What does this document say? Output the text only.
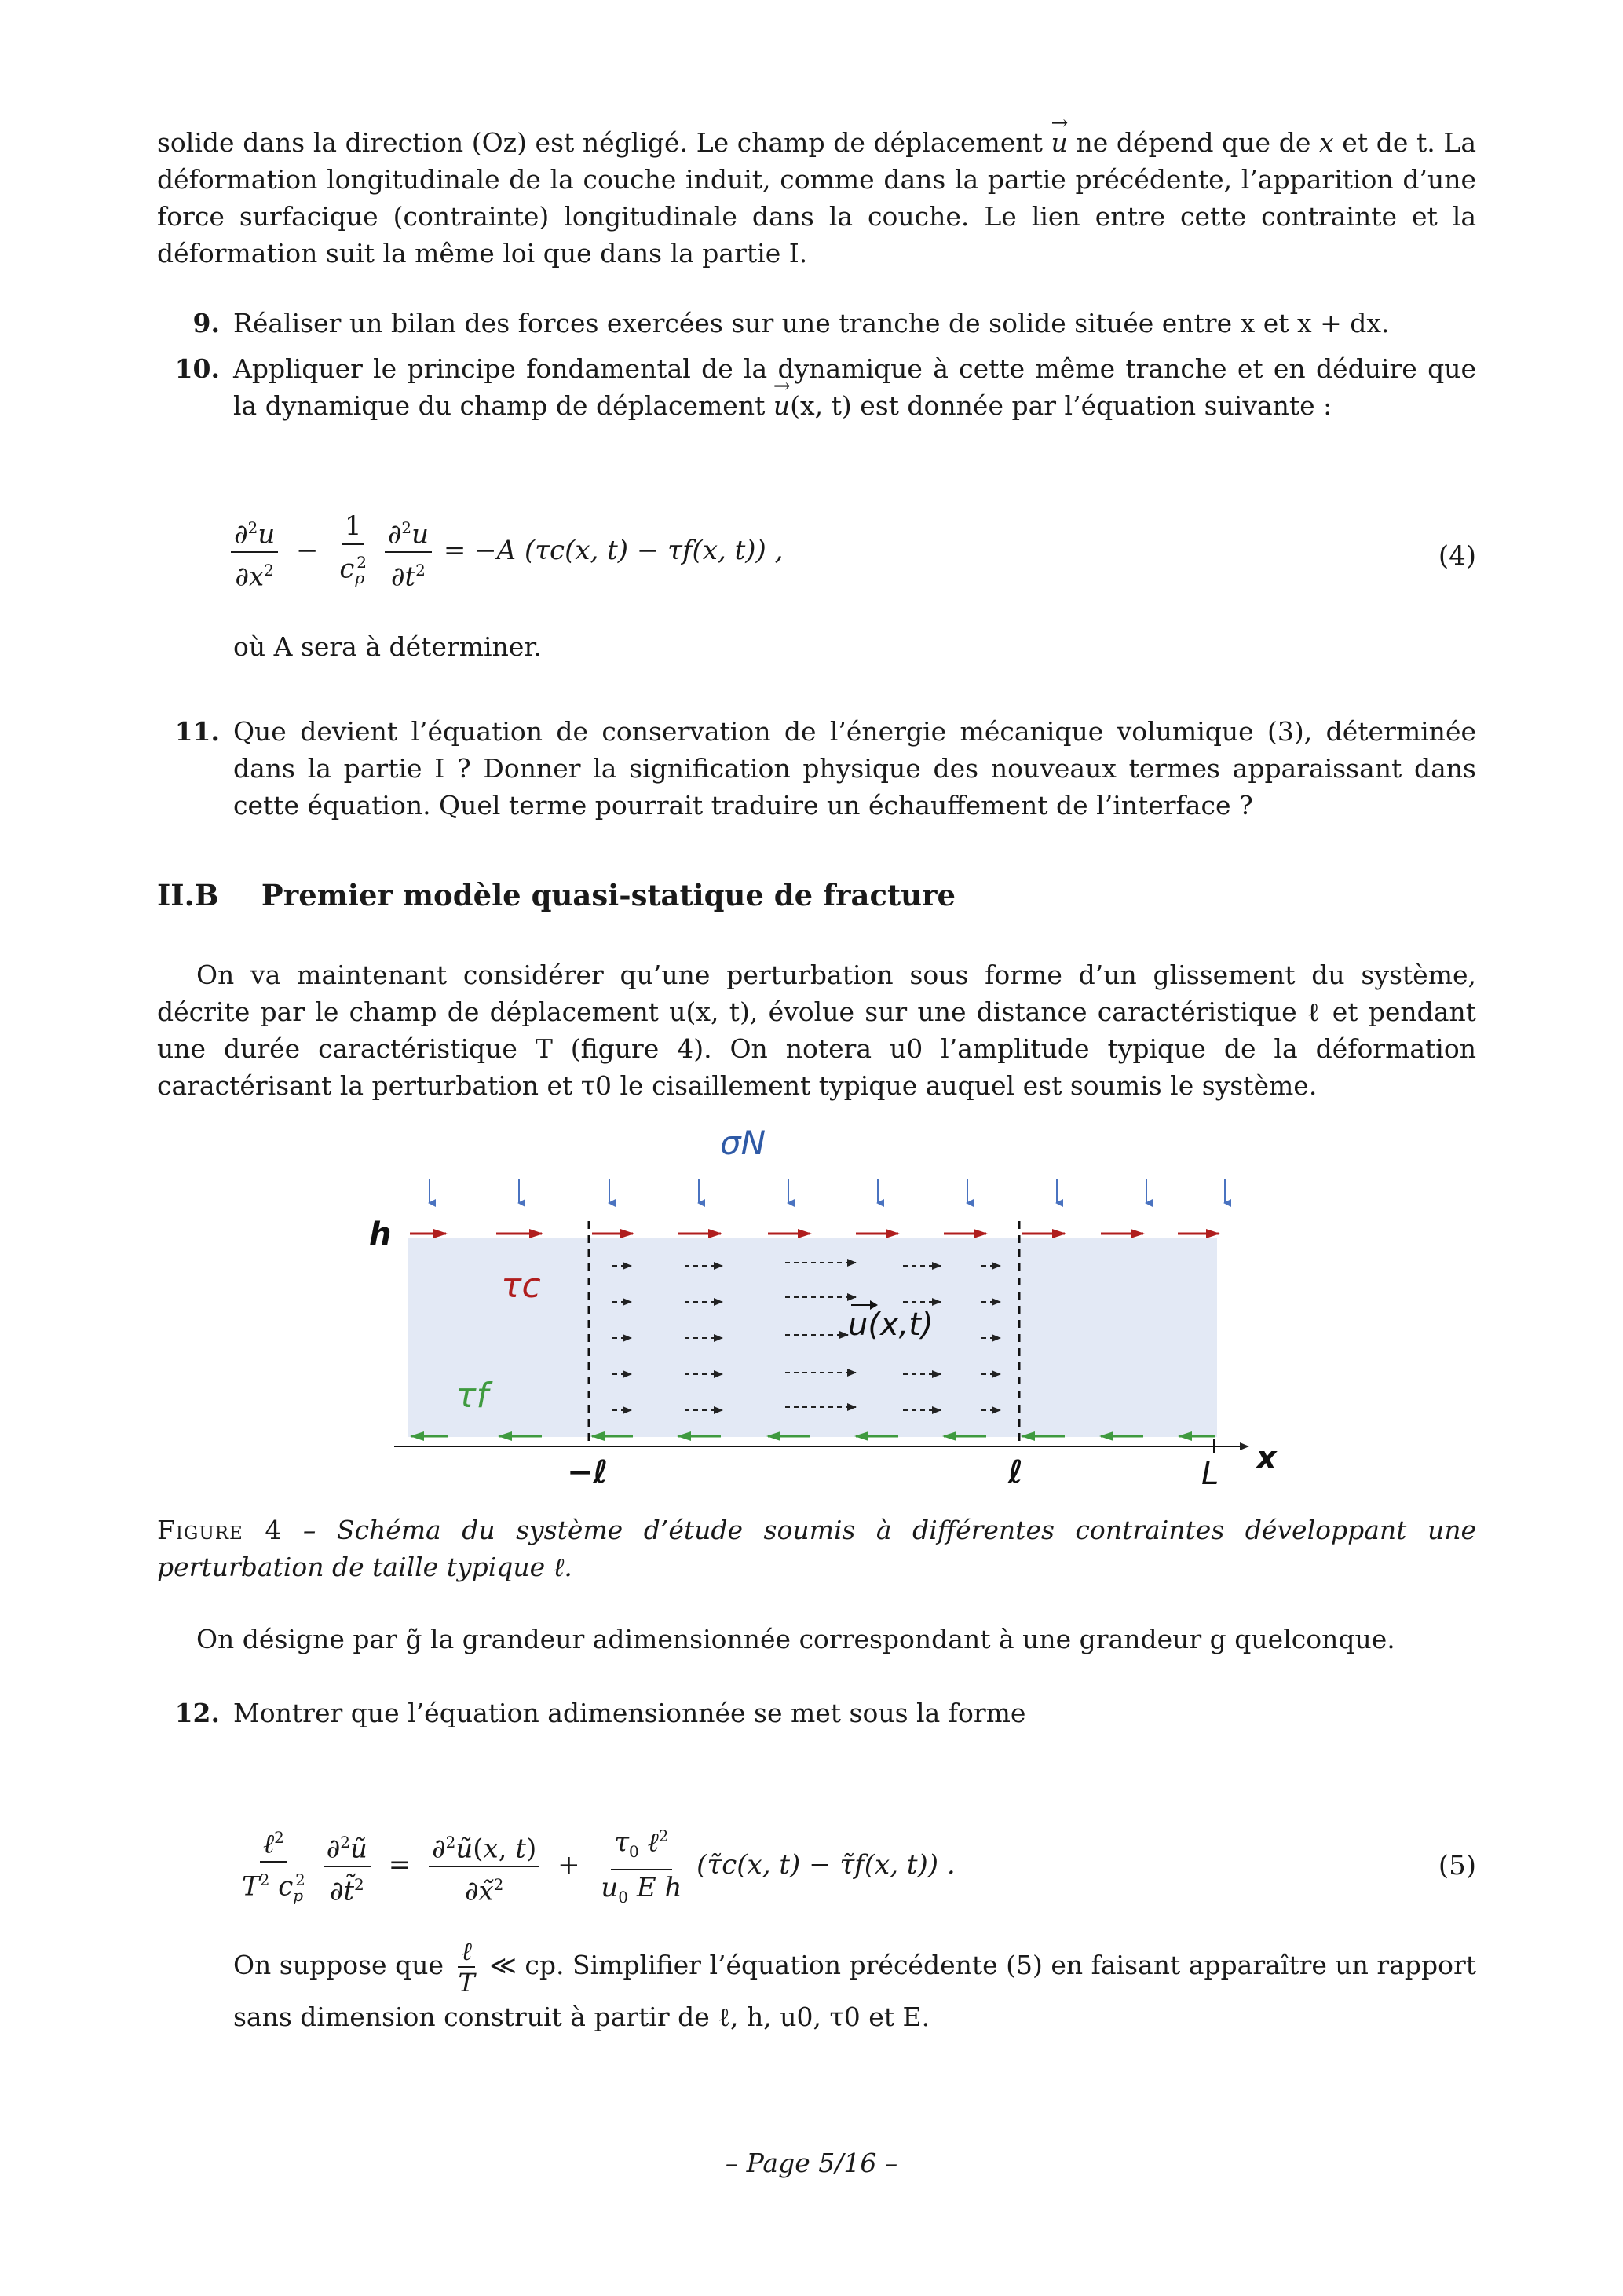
solide dans la direction (Oz) est négligé. Le champ de déplacement → u ne dépend que de x et de t. La déformation longitudinale de la couche induit, comme dans la partie précédente, l’apparition d’une force surfacique (contrainte) longitudinale dans la couche. Le lien entre cette contrainte et la déformation suit la même loi que dans la partie I.
9. Réaliser un bilan des forces exercées sur une tranche de solide située entre x et x + dx.
10. Appliquer le principe fondamental de la dynamique à cette même tranche et en déduire que la dynamique du champ de déplacement → u(x, t) est donnée par l’équation suivante :
$\frac{\partial^2u}{\partial x^2} - \frac{1}{c_p^2}$
$\frac{\partial^2u}{\partial t^2} = -A$ (τc(x, t) − τf(x, t)) ,	(4)
où A sera à déterminer.
11. Que devient l’équation de conservation de l’énergie mécanique volumique (3), déterminée dans la partie I ? Donner la signification physique des nouveaux termes apparaissant dans cette équation. Quel terme pourrait traduire un échauffement de l’interface ?
II.B Premier modèle quasi-statique de fracture
On va maintenant considérer qu’une perturbation sous forme d’un glissement du système, décrite par le champ de déplacement u(x, t), évolue sur une distance caractéristique ℓ et pendant une durée caractéristique T (figure 4). On notera u0 l’amplitude typique de la déformation caractérisant la perturbation et τ0 le cisaillement typique auquel est soumis le système.
σN
h
τc
τf
u(x,t)
−ℓ	ℓ	L x
Figure 4 – Schéma du système d’étude soumis à différentes contraintes développant une perturbation de taille typique ℓ.
On désigne par g̃ la grandeur adimensionnée correspondant à une grandeur g quelconque.
12. Montrer que l’équation adimensionnée se met sous la forme
$\frac{\ell^2}{T^2 c_p^2}$
$\frac{\partial^2ũ}{\partial t̃^2} = \frac{\partial^2ũ(x, t)}{\partial x̃^2} + \frac{\tau_0 \ell^2}{u_0 E h}$ (τ̃c(x, t) − τ̃f(x, t)) .	(5)
On suppose que $\frac{\text{ℓ}}{T}$ ≪ cp. Simplifier l’équation précédente (5) en faisant apparaître un rapport sans dimension construit à partir de ℓ, h, u0, τ0 et E.
– Page 5/16 –
